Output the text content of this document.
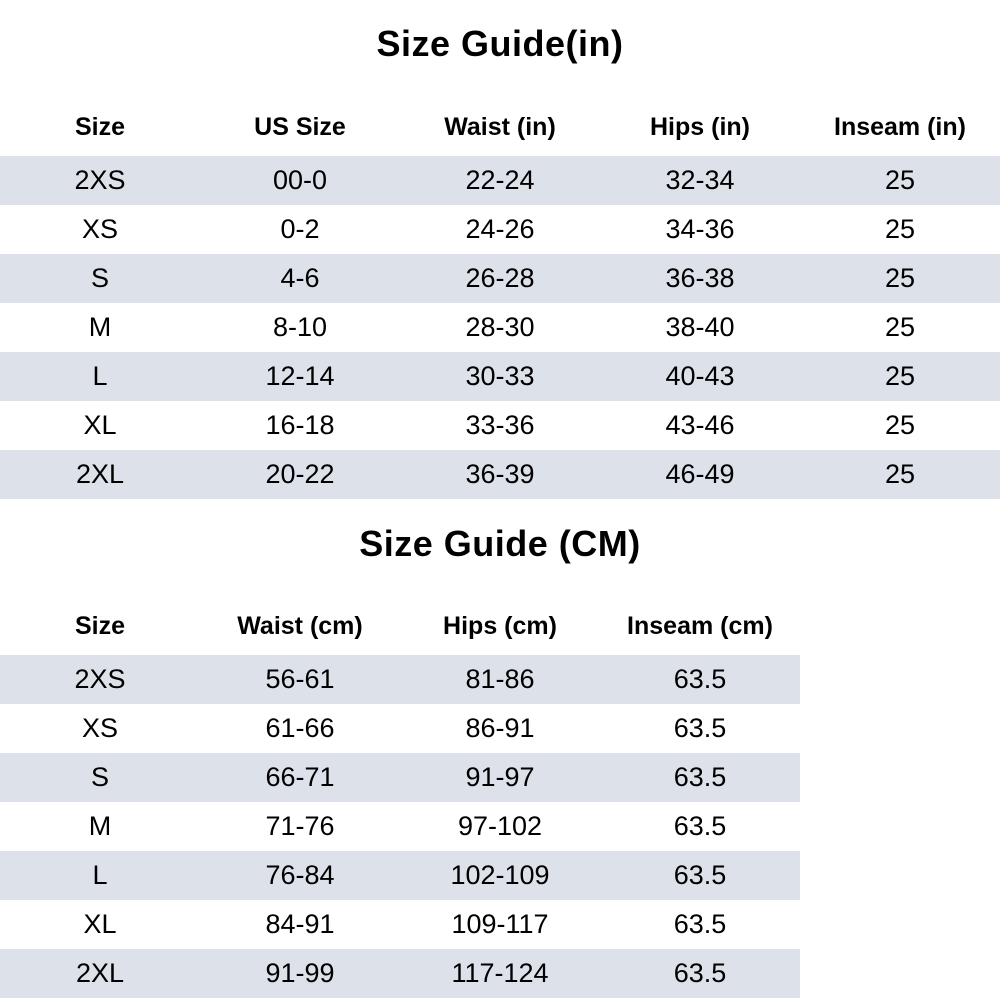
Size Guide(in)
Size	US Size	Waist (in)	Hips (in)	Inseam (in)
2XS	00-0	22-24	32-34	25
XS	0-2	24-26	34-36	25
S	4-6	26-28	36-38	25
M	8-10	28-30	38-40	25
L	12-14	30-33	40-43	25
XL	16-18	33-36	43-46	25
2XL	20-22	36-39	46-49	25
Size Guide (CM)
Size	Waist (cm)	Hips (cm)	Inseam (cm)
2XS	56-61	81-86	63.5
XS	61-66	86-91	63.5
S	66-71	91-97	63.5
M	71-76	97-102	63.5
L	76-84	102-109	63.5
XL	84-91	109-117	63.5
2XL	91-99	117-124	63.5
